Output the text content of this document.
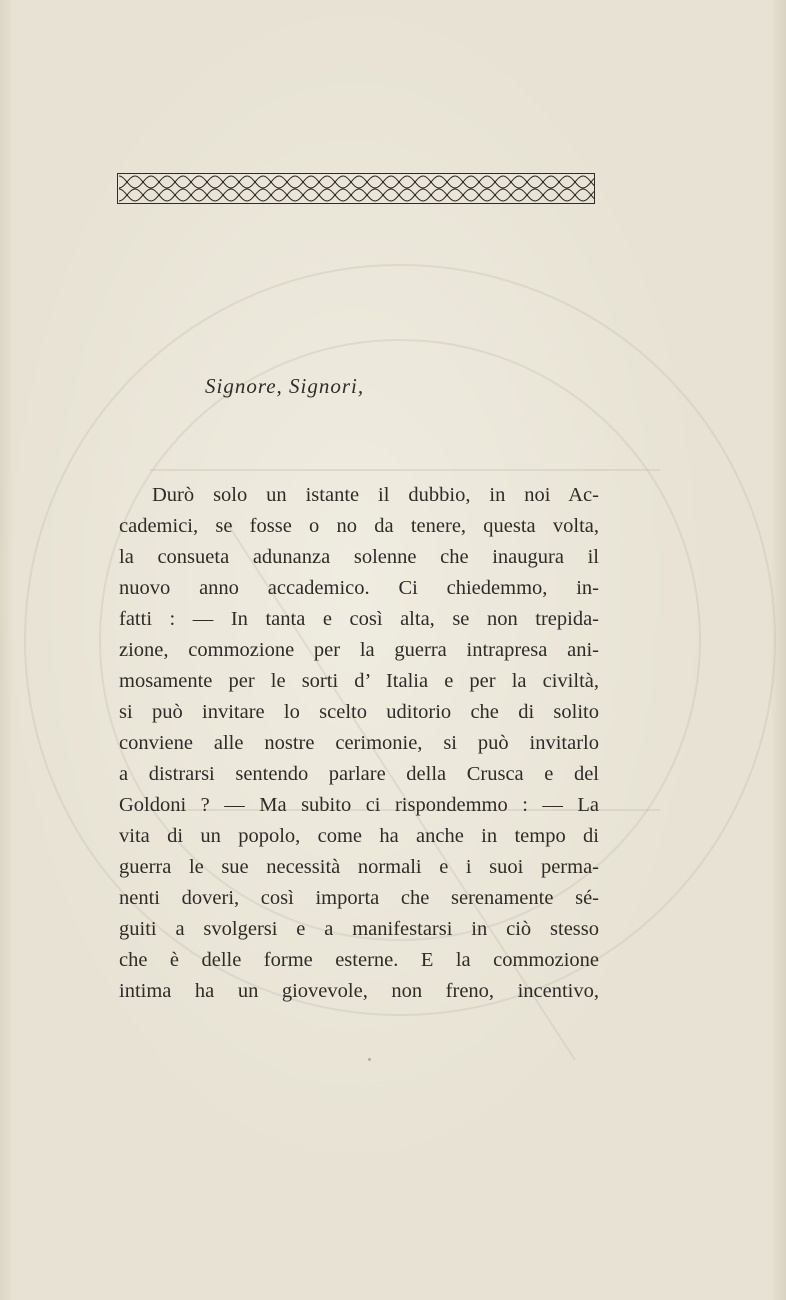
Signore, Signori,
Durò solo un istante il dubbio, in noi Ac-
cademici, se fosse o no da tenere, questa volta,
la consueta adunanza solenne che inaugura il
nuovo anno accademico. Ci chiedemmo, in-
fatti : — In tanta e così alta, se non trepida-
zione, commozione per la guerra intrapresa ani-
mosamente per le sorti d’ Italia e per la civiltà,
si può invitare lo scelto uditorio che di solito
conviene alle nostre cerimonie, si può invitarlo
a distrarsi sentendo parlare della Crusca e del
Goldoni ? — Ma subito ci rispondemmo : — La
vita di un popolo, come ha anche in tempo di
guerra le sue necessità normali e i suoi perma-
nenti doveri, così importa che serenamente sé-
guiti a svolgersi e a manifestarsi in ciò stesso
che è delle forme esterne. E la commozione
intima ha un giovevole, non freno, incentivo,
